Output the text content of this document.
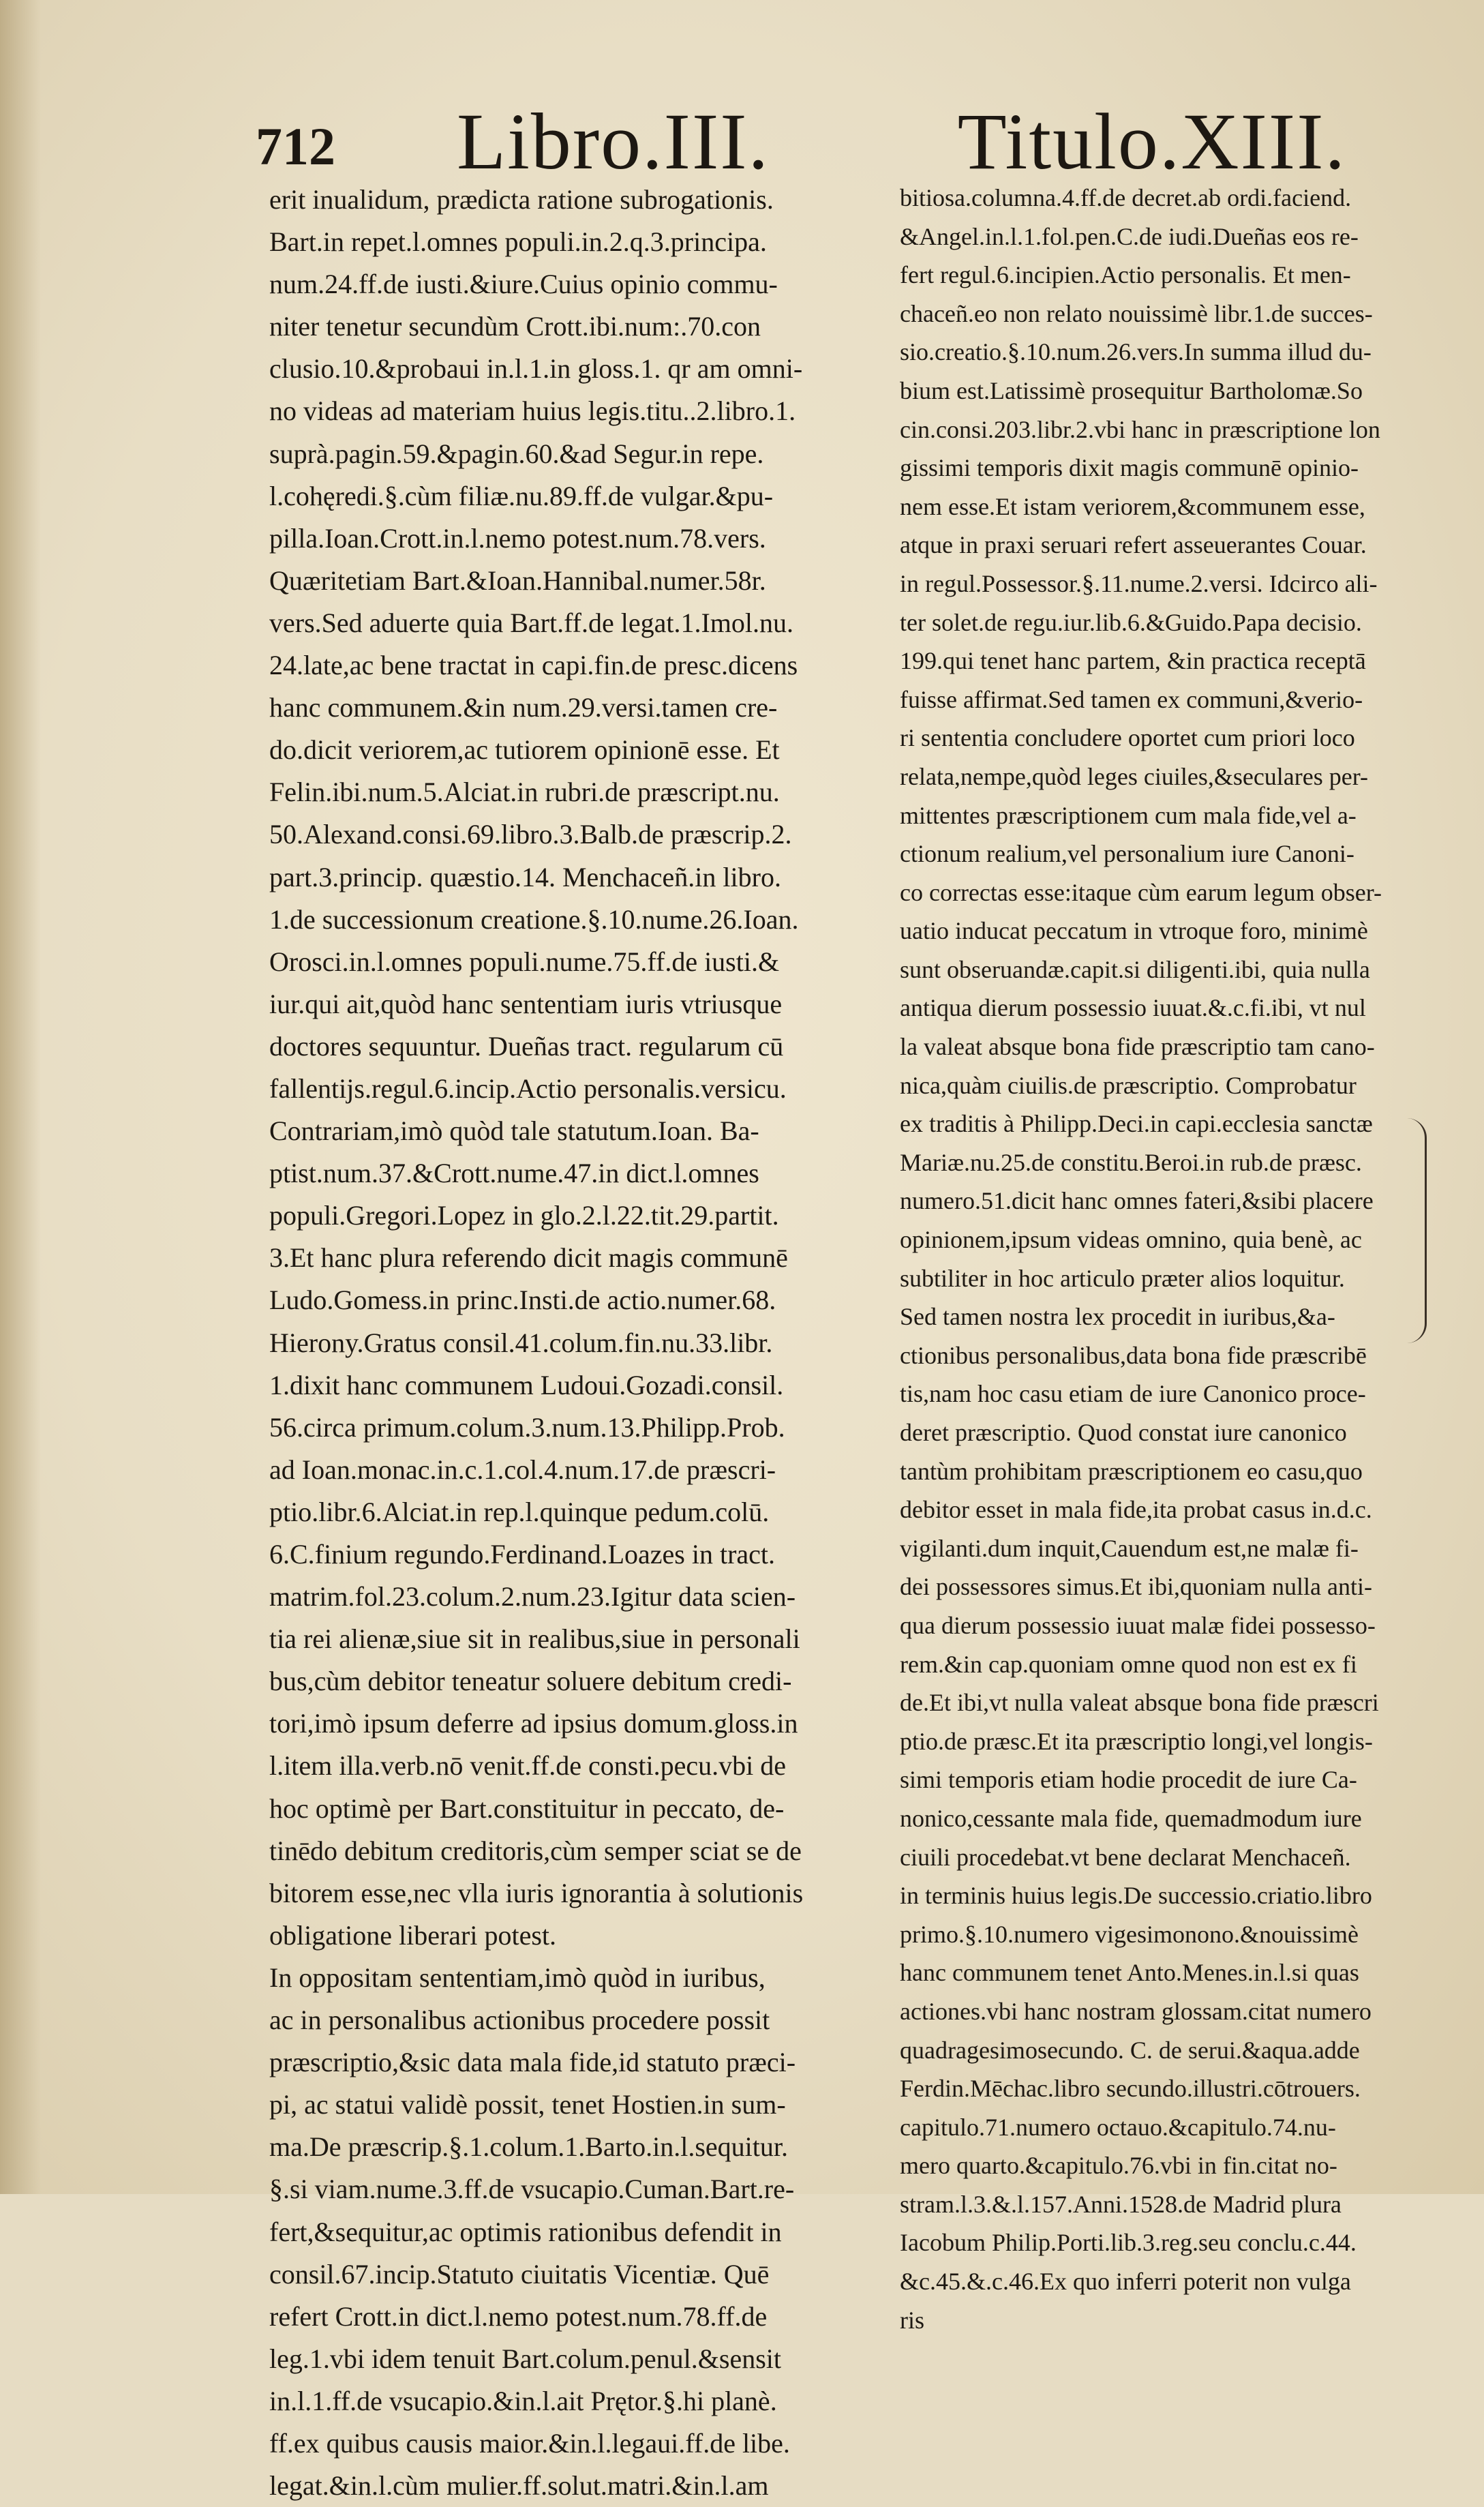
712 Libro.III. Titulo.XIII.
erit inualidum, prædicta ratione subrogationis.
Bart.in repet.l.omnes populi.in.2.q.3.principa.
num.24.ff.de iusti.&iure.Cuius opinio commu-
niter tenetur secundùm Crott.ibi.num:.70.con
clusio.10.&probaui in.l.1.in gloss.1. qr am omni-
no videas ad materiam huius legis.titu..2.libro.1.
suprà.pagin.59.&pagin.60.&ad Segur.in repe.
l.cohęredi.§.cùm filiæ.nu.89.ff.de vulgar.&pu-
pilla.Ioan.Crott.in.l.nemo potest.num.78.vers.
Quæritetiam Bart.&Ioan.Hannibal.numer.58r.
vers.Sed aduerte quia Bart.ff.de legat.1.Imol.nu.
24.late,ac bene tractat in capi.fin.de presc.dicens
hanc communem.&in num.29.versi.tamen cre-
do.dicit veriorem,ac tutiorem opinionē esse. Et
Felin.ibi.num.5.Alciat.in rubri.de præscript.nu.
50.Alexand.consi.69.libro.3.Balb.de præscrip.2.
part.3.princip. quæstio.14. Menchaceñ.in libro.
1.de successionum creatione.§.10.nume.26.Ioan.
Orosci.in.l.omnes populi.nume.75.ff.de iusti.&
iur.qui ait,quòd hanc sententiam iuris vtriusque
doctores sequuntur. Dueñas tract. regularum cū
fallentijs.regul.6.incip.Actio personalis.versicu.
Contrariam,imò quòd tale statutum.Ioan. Ba-
ptist.num.37.&Crott.nume.47.in dict.l.omnes
populi.Gregori.Lopez in glo.2.l.22.tit.29.partit.
3.Et hanc plura referendo dicit magis communē
Ludo.Gomess.in princ.Insti.de actio.numer.68.
Hierony.Gratus consil.41.colum.fin.nu.33.libr.
1.dixit hanc communem Ludoui.Gozadi.consil.
56.circa primum.colum.3.num.13.Philipp.Prob.
ad Ioan.monac.in.c.1.col.4.num.17.de præscri-
ptio.libr.6.Alciat.in rep.l.quinque pedum.colū.
6.C.finium regundo.Ferdinand.Loazes in tract.
matrim.fol.23.colum.2.num.23.Igitur data scien-
tia rei alienæ,siue sit in realibus,siue in personali
bus,cùm debitor teneatur soluere debitum credi-
tori,imò ipsum deferre ad ipsius domum.gloss.in
l.item illa.verb.nō venit.ff.de consti.pecu.vbi de
hoc optimè per Bart.constituitur in peccato, de-
tinēdo debitum creditoris,cùm semper sciat se de
bitorem esse,nec vlla iuris ignorantia à solutionis
obligatione liberari potest.
In oppositam sententiam,imò quòd in iuribus,
ac in personalibus actionibus procedere possit
præscriptio,&sic data mala fide,id statuto præci-
pi, ac statui validè possit, tenet Hostien.in sum-
ma.De præscrip.§.1.colum.1.Barto.in.l.sequitur.
§.si viam.nume.3.ff.de vsucapio.Cuman.Bart.re-
fert,&sequitur,ac optimis rationibus defendit in
consil.67.incip.Statuto ciuitatis Vicentiæ. Quē
refert Crott.in dict.l.nemo potest.num.78.ff.de
leg.1.vbi idem tenuit Bart.colum.penul.&sensit
in.l.1.ff.de vsucapio.&in.l.ait Prętor.§.hi planè.
ff.ex quibus causis maior.&in.l.legaui.ff.de libe.
legat.&in.l.cùm mulier.ff.solut.matri.&in.l.am
bitiosa.columna.4.ff.de decret.ab ordi.faciend.
&Angel.in.l.1.fol.pen.C.de iudi.Dueñas eos re-
fert regul.6.incipien.Actio personalis. Et men-
chaceñ.eo non relato nouissimè libr.1.de succes-
sio.creatio.§.10.num.26.vers.In summa illud du-
bium est.Latissimè prosequitur Bartholomæ.So
cin.consi.203.libr.2.vbi hanc in præscriptione lon
gissimi temporis dixit magis communē opinio-
nem esse.Et istam veriorem,&communem esse,
atque in praxi seruari refert asseuerantes Couar.
in regul.Possessor.§.11.nume.2.versi. Idcirco ali-
ter solet.de regu.iur.lib.6.&Guido.Papa decisio.
199.qui tenet hanc partem, &in practica receptā
fuisse affirmat.Sed tamen ex communi,&verio-
ri sententia concludere oportet cum priori loco
relata,nempe,quòd leges ciuiles,&seculares per-
mittentes præscriptionem cum mala fide,vel a-
ctionum realium,vel personalium iure Canoni-
co correctas esse:itaque cùm earum legum obser-
uatio inducat peccatum in vtroque foro, minimè
sunt obseruandæ.capit.si diligenti.ibi, quia nulla
antiqua dierum possessio iuuat.&.c.fi.ibi, vt nul
la valeat absque bona fide præscriptio tam cano-
nica,quàm ciuilis.de præscriptio. Comprobatur
ex traditis à Philipp.Deci.in capi.ecclesia sanctæ
Mariæ.nu.25.de constitu.Beroi.in rub.de præsc.
numero.51.dicit hanc omnes fateri,&sibi placere
opinionem,ipsum videas omnino, quia benè, ac
subtiliter in hoc articulo præter alios loquitur.
Sed tamen nostra lex procedit in iuribus,&a-
ctionibus personalibus,data bona fide præscribē
tis,nam hoc casu etiam de iure Canonico proce-
deret præscriptio. Quod constat iure canonico
tantùm prohibitam præscriptionem eo casu,quo
debitor esset in mala fide,ita probat casus in.d.c.
vigilanti.dum inquit,Cauendum est,ne malæ fi-
dei possessores simus.Et ibi,quoniam nulla anti-
qua dierum possessio iuuat malæ fidei possesso-
rem.&in cap.quoniam omne quod non est ex fi
de.Et ibi,vt nulla valeat absque bona fide præscri
ptio.de præsc.Et ita præscriptio longi,vel longis-
simi temporis etiam hodie procedit de iure Ca-
nonico,cessante mala fide, quemadmodum iure
ciuili procedebat.vt bene declarat Menchaceñ.
in terminis huius legis.De successio.criatio.libro
primo.§.10.numero vigesimonono.&nouissimè
hanc communem tenet Anto.Menes.in.l.si quas
actiones.vbi hanc nostram glossam.citat numero
quadragesimosecundo. C. de serui.&aqua.adde
Ferdin.Mēchac.libro secundo.illustri.cōtrouers.
capitulo.71.numero octauo.&capitulo.74.nu-
mero quarto.&capitulo.76.vbi in fin.citat no-
stram.l.3.&.l.157.Anni.1528.de Madrid plura
Iacobum Philip.Porti.lib.3.reg.seu conclu.c.44.
&c.45.&.c.46.Ex quo inferri poterit non vulga
ris
